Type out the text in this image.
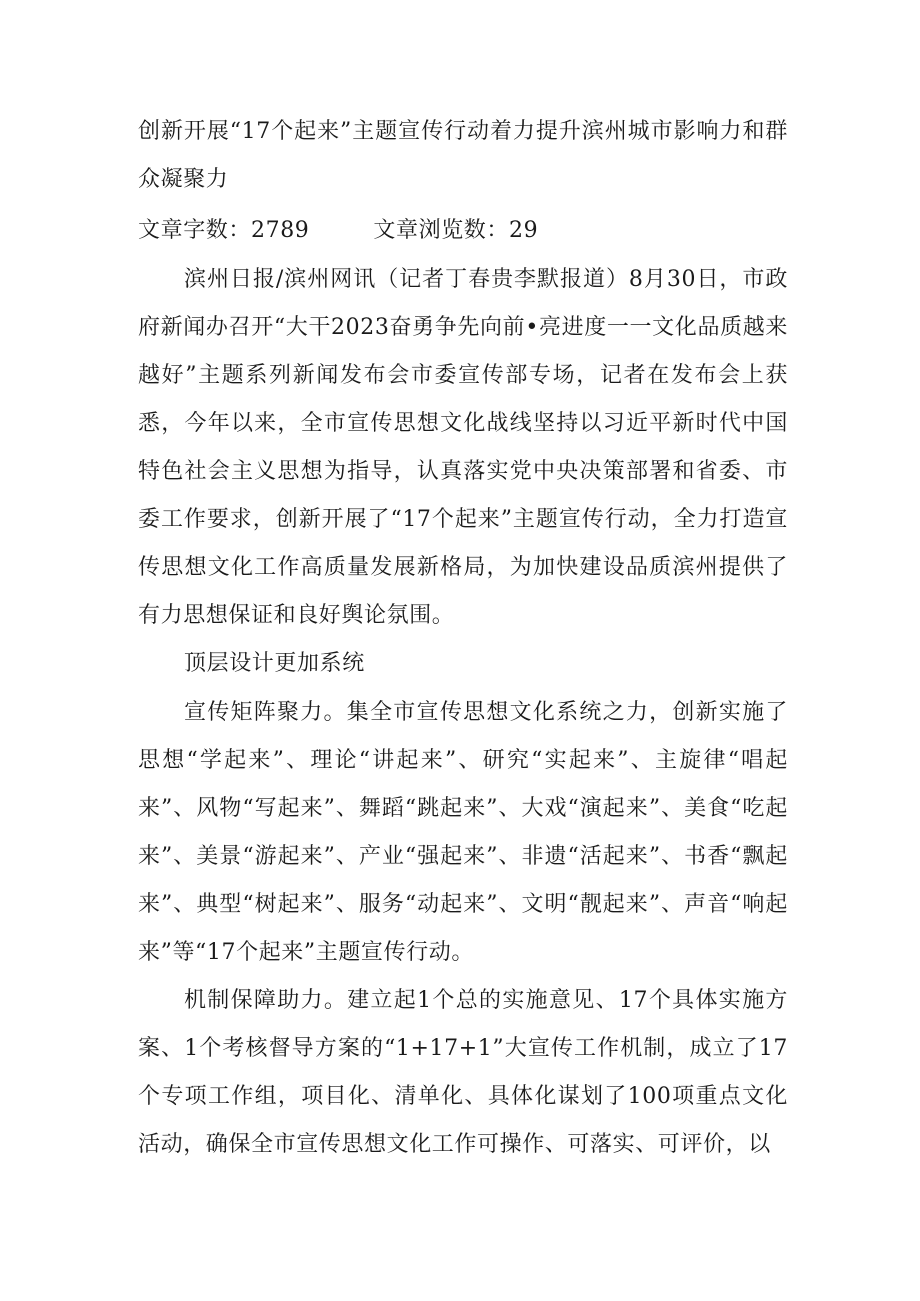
创新开展“17个起来”主题宣传行动着力提升滨州城市影响力和群众凝聚力
文章字数：2789	文章浏览数：29

滨州日报/滨州网讯（记者丁春贵李默报道）8月30日，市政府新闻办召开“大干2023奋勇争先向前•亮进度一一文化品质越来越好”主题系列新闻发布会市委宣传部专场，记者在发布会上获悉，今年以来，全市宣传思想文化战线坚持以习近平新时代中国特色社会主义思想为指导，认真落实党中央决策部署和省委、市委工作要求，创新开展了“17个起来”主题宣传行动，全力打造宣传思想文化工作高质量发展新格局，为加快建设品质滨州提供了有力思想保证和良好舆论氛围。

顶层设计更加系统

宣传矩阵聚力。集全市宣传思想文化系统之力，创新实施了思想“学起来”、理论“讲起来”、研究“实起来”、主旋律“唱起来”、风物“写起来”、舞蹈“跳起来”、大戏“演起来”、美食“吃起来”、美景“游起来”、产业“强起来”、非遗“活起来”、书香“飘起来”、典型“树起来”、服务“动起来”、文明“靓起来”、声音“响起来”等“17个起来”主题宣传行动。

机制保障助力。建立起1个总的实施意见、17个具体实施方案、1个考核督导方案的“1+17+1”大宣传工作机制，成立了17个专项工作组，项目化、清单化、具体化谋划了100项重点文化活动，确保全市宣传思想文化工作可操作、可落实、可评价，以
